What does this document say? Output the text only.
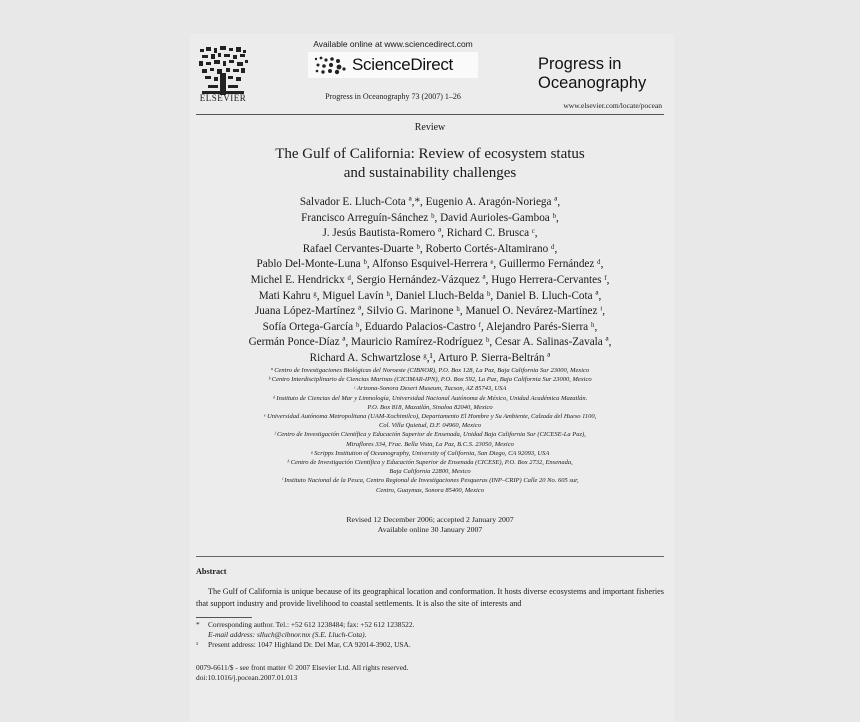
ELSEVIER
Available online at www.sciencedirect.com
ScienceDirect
Progress in Oceanography 73 (2007) 1–26
Progress in
Oceanography
www.elsevier.com/locate/pocean
Review
The Gulf of California: Review of ecosystem status
and sustainability challenges
Salvador E. Lluch-Cota ª,*, Eugenio A. Aragón-Noriega ª,
Francisco Arreguín-Sánchez ᵇ, David Aurioles-Gamboa ᵇ,
J. Jesús Bautista-Romero ª, Richard C. Brusca ᶜ,
Rafael Cervantes-Duarte ᵇ, Roberto Cortés-Altamirano ᵈ,
Pablo Del-Monte-Luna ᵇ, Alfonso Esquivel-Herrera ᵉ, Guillermo Fernández ᵈ,
Michel E. Hendrickx ᵈ, Sergio Hernández-Vázquez ª, Hugo Herrera-Cervantes ᶠ,
Mati Kahru ᵍ, Miguel Lavín ʰ, Daniel Lluch-Belda ᵇ, Daniel B. Lluch-Cota ª,
Juana López-Martínez ª, Silvio G. Marinone ʰ, Manuel O. Nevárez-Martínez ⁱ,
Sofía Ortega-García ᵇ, Eduardo Palacios-Castro ᶠ, Alejandro Parés-Sierra ʰ,
Germán Ponce-Díaz ª, Mauricio Ramírez-Rodríguez ᵇ, Cesar A. Salinas-Zavala ª,
Richard A. Schwartzlose ᵍ,¹, Arturo P. Sierra-Beltrán ª
ª Centro de Investigaciones Biológicas del Noroeste (CIBNOR), P.O. Box 128, La Paz, Baja California Sur 23000, Mexico
ᵇ Centro Interdisciplinario de Ciencias Marinas (CICIMAR-IPN), P.O. Box 592, La Paz, Baja California Sur 23000, Mexico
ᶜ Arizona-Sonora Desert Museum, Tucson, AZ 85743, USA
ᵈ Instituto de Ciencias del Mar y Limnología, Universidad Nacional Autónoma de México, Unidad Académica Mazatlán.
P.O. Box 818, Mazatlán, Sinaloa 82040, Mexico
ᵉ Universidad Autónoma Metropolitana (UAM-Xochimilco), Departamento El Hombre y Su Ambiente, Calzada del Hueso 1100,
Col. Villa Quietud, D.F. 04960, Mexico
ᶠ Centro de Investigación Científica y Educación Superior de Ensenada, Unidad Baja California Sur (CICESE-La Paz),
Miraflores 334, Frac. Bella Vista, La Paz, B.C.S. 23050, Mexico
ᵍ Scripps Institution of Oceanography, University of California, San Diego, CA 92093, USA
ʰ Centro de Investigación Científica y Educación Superior de Ensenada (CICESE), P.O. Box 2732, Ensenada,
Baja California 22800, Mexico
ⁱ Instituto Nacional de la Pesca, Centro Regional de Investigaciones Pesqueras (INP–CRIP) Calle 20 No. 605 sur,
Centro, Guaymas, Sonora 85400, Mexico
Revised 12 December 2006; accepted 2 January 2007
Available online 30 January 2007
Abstract
The Gulf of California is unique because of its geographical location and conformation. It hosts diverse ecosystems and important fisheries that support industry and provide livelihood to coastal settlements. It is also the site of interests and
*	Corresponding author. Tel.: +52 612 1238484; fax: +52 612 1238522.
E-mail address: slluch@cibnor.mx (S.E. Lluch-Cota).
¹	Present address: 1047 Highland Dr. Del Mar, CA 92014-3902, USA.
0079-6611/$ - see front matter © 2007 Elsevier Ltd. All rights reserved.
doi:10.1016/j.pocean.2007.01.013
